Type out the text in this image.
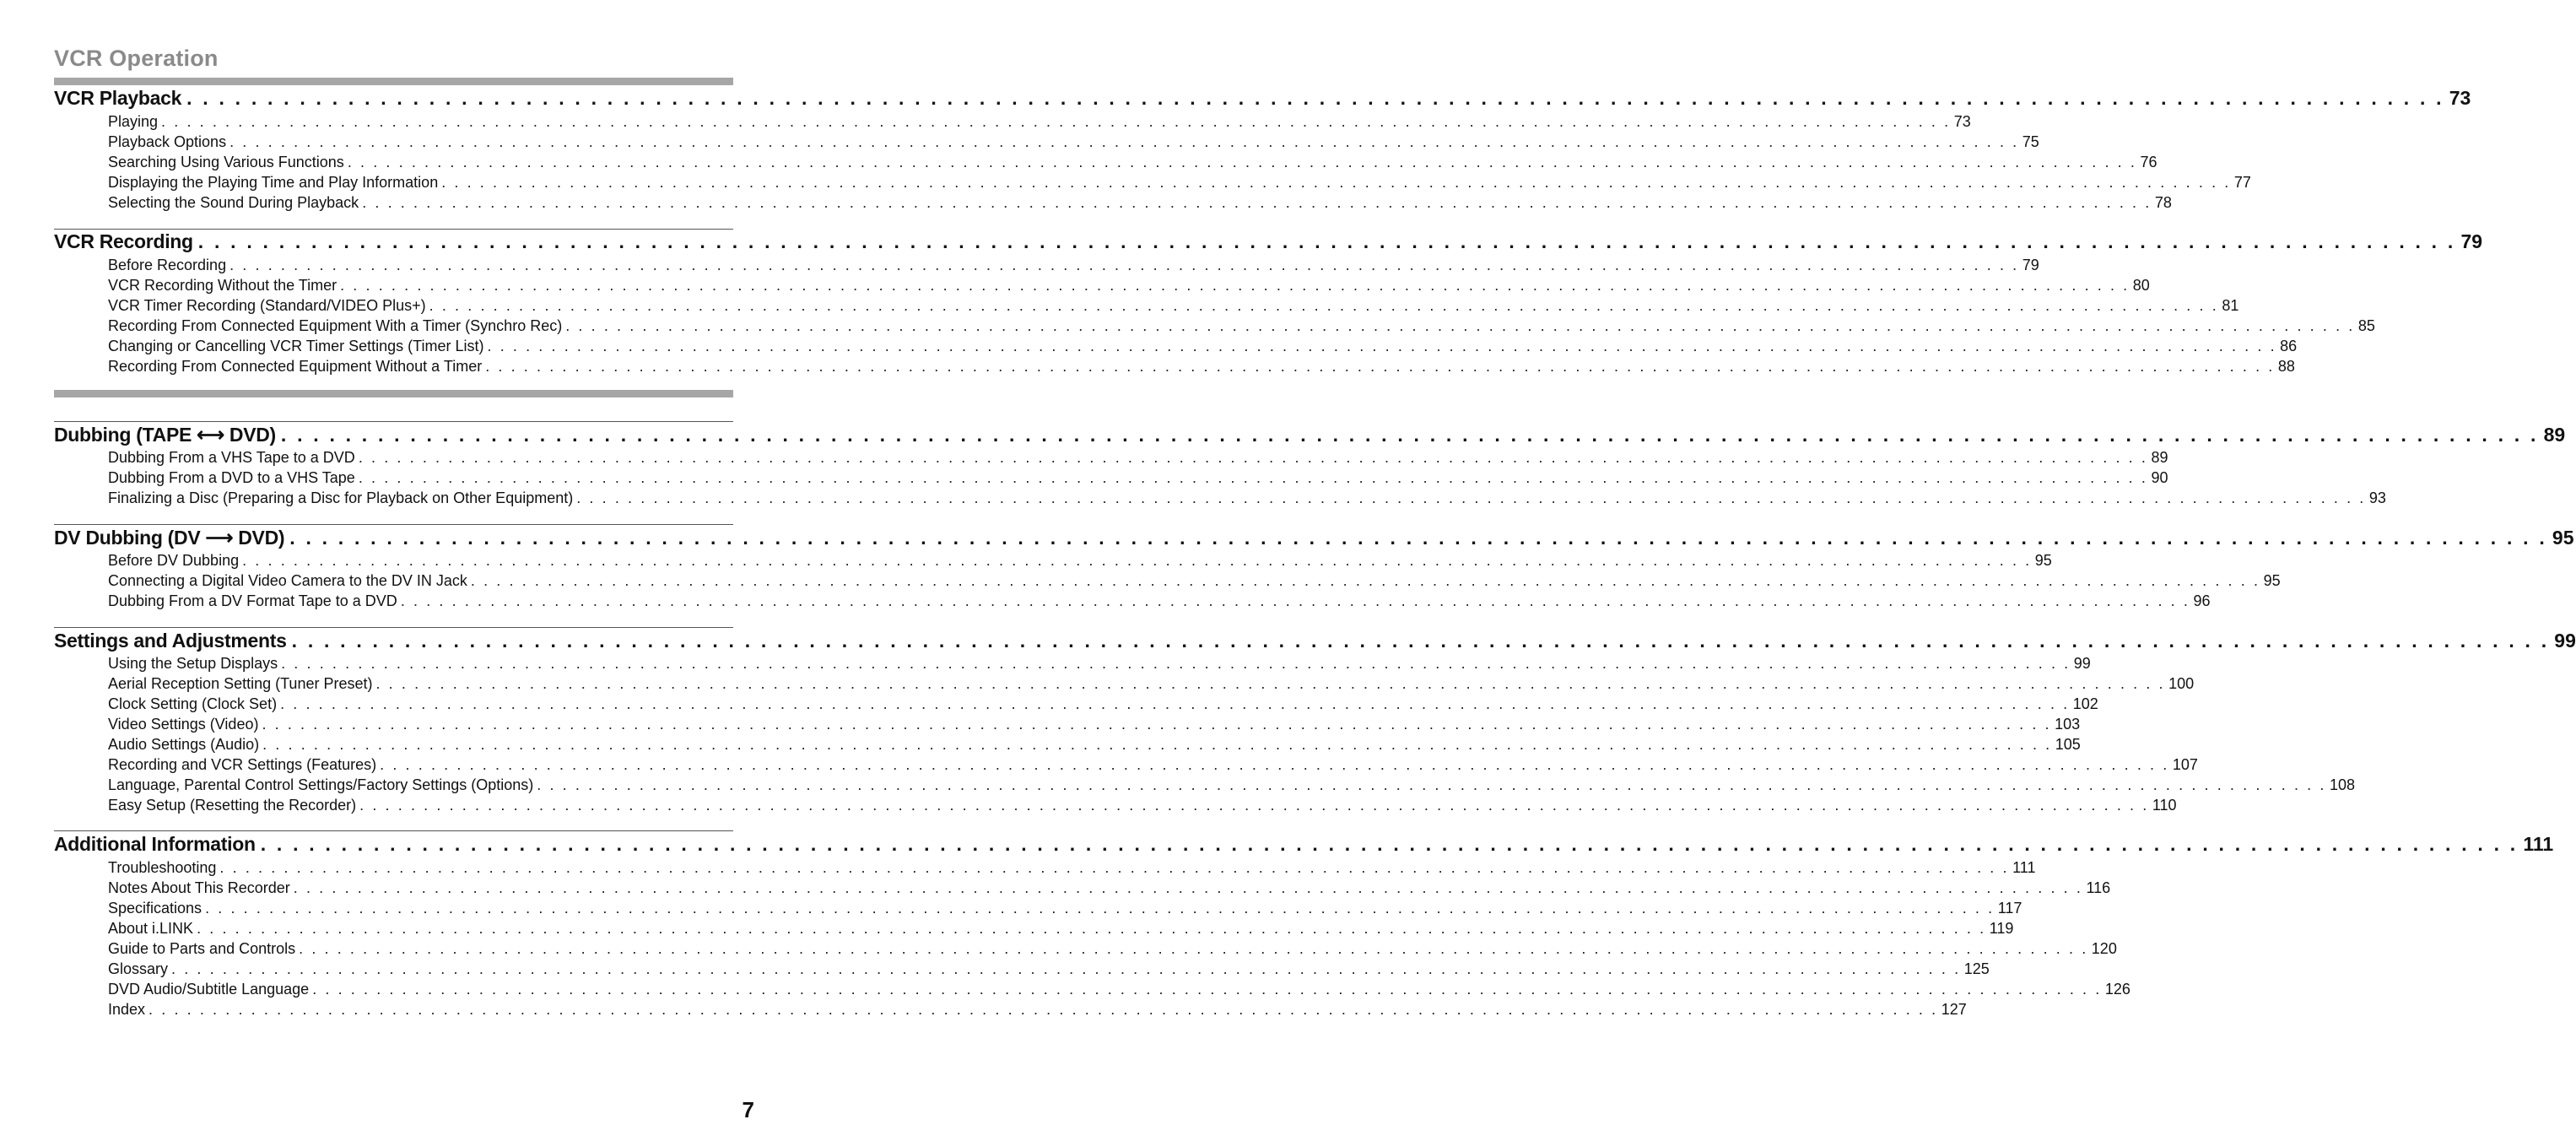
VCR Operation
7
VCR Playback . . . . . . . . . . . . . . . . . . . . . . . . . . . . . . . . . . . . . . . . . . . . . . . . . . . . . . . . . . . . . . . . . . . . . . . . . . . . . . . . . . . . . . . . . . . . . . . . . . . . . . . . . . . . . . . . . . . . . . . . . . . . . . . . . . . . . . . . . . . . 73
Playing . . . . . . . . . . . . . . . . . . . . . . . . . . . . . . . . . . . . . . . . . . . . . . . . . . . . . . . . . . . . . . . . . . . . . . . . . . . . . . . . . . . . . . . . . . . . . . . . . . . . . . . . . . . . . . . . . . . . . . . . . . . . . . . . . . . . . . . . . . . . 73
Playback Options . . . . . . . . . . . . . . . . . . . . . . . . . . . . . . . . . . . . . . . . . . . . . . . . . . . . . . . . . . . . . . . . . . . . . . . . . . . . . . . . . . . . . . . . . . . . . . . . . . . . . . . . . . . . . . . . . . . . . . . . . . . . . . . . . . . . . . . . . . . . 75
Searching Using Various Functions . . . . . . . . . . . . . . . . . . . . . . . . . . . . . . . . . . . . . . . . . . . . . . . . . . . . . . . . . . . . . . . . . . . . . . . . . . . . . . . . . . . . . . . . . . . . . . . . . . . . . . . . . . . . . . . . . . . . . . . . . . . . . . . . . . . . . . . . . . . . 76
Displaying the Playing Time and Play Information . . . . . . . . . . . . . . . . . . . . . . . . . . . . . . . . . . . . . . . . . . . . . . . . . . . . . . . . . . . . . . . . . . . . . . . . . . . . . . . . . . . . . . . . . . . . . . . . . . . . . . . . . . . . . . . . . . . . . . . . . . . . . . . . . . . . . . . . . . . . 77
Selecting the Sound During Playback . . . . . . . . . . . . . . . . . . . . . . . . . . . . . . . . . . . . . . . . . . . . . . . . . . . . . . . . . . . . . . . . . . . . . . . . . . . . . . . . . . . . . . . . . . . . . . . . . . . . . . . . . . . . . . . . . . . . . . . . . . . . . . . . . . . . . . . . . . . . 78
VCR Recording . . . . . . . . . . . . . . . . . . . . . . . . . . . . . . . . . . . . . . . . . . . . . . . . . . . . . . . . . . . . . . . . . . . . . . . . . . . . . . . . . . . . . . . . . . . . . . . . . . . . . . . . . . . . . . . . . . . . . . . . . . . . . . . . . . . . . . . . . . . . 79
Before Recording . . . . . . . . . . . . . . . . . . . . . . . . . . . . . . . . . . . . . . . . . . . . . . . . . . . . . . . . . . . . . . . . . . . . . . . . . . . . . . . . . . . . . . . . . . . . . . . . . . . . . . . . . . . . . . . . . . . . . . . . . . . . . . . . . . . . . . . . . . . . 79
VCR Recording Without the Timer . . . . . . . . . . . . . . . . . . . . . . . . . . . . . . . . . . . . . . . . . . . . . . . . . . . . . . . . . . . . . . . . . . . . . . . . . . . . . . . . . . . . . . . . . . . . . . . . . . . . . . . . . . . . . . . . . . . . . . . . . . . . . . . . . . . . . . . . . . . . 80
VCR Timer Recording (Standard/VIDEO Plus+) . . . . . . . . . . . . . . . . . . . . . . . . . . . . . . . . . . . . . . . . . . . . . . . . . . . . . . . . . . . . . . . . . . . . . . . . . . . . . . . . . . . . . . . . . . . . . . . . . . . . . . . . . . . . . . . . . . . . . . . . . . . . . . . . . . . . . . . . . . . . 81
Recording From Connected Equipment With a Timer (Synchro Rec) . . . . . . . . . . . . . . . . . . . . . . . . . . . . . . . . . . . . . . . . . . . . . . . . . . . . . . . . . . . . . . . . . . . . . . . . . . . . . . . . . . . . . . . . . . . . . . . . . . . . . . . . . . . . . . . . . . . . . . . . . . . . . . . . . . . . . . . . . . . . 85
Changing or Cancelling VCR Timer Settings (Timer List) . . . . . . . . . . . . . . . . . . . . . . . . . . . . . . . . . . . . . . . . . . . . . . . . . . . . . . . . . . . . . . . . . . . . . . . . . . . . . . . . . . . . . . . . . . . . . . . . . . . . . . . . . . . . . . . . . . . . . . . . . . . . . . . . . . . . . . . . . . . . 86
Recording From Connected Equipment Without a Timer . . . . . . . . . . . . . . . . . . . . . . . . . . . . . . . . . . . . . . . . . . . . . . . . . . . . . . . . . . . . . . . . . . . . . . . . . . . . . . . . . . . . . . . . . . . . . . . . . . . . . . . . . . . . . . . . . . . . . . . . . . . . . . . . . . . . . . . . . . . . 88
Dubbing (TAPE ⟷ DVD) . . . . . . . . . . . . . . . . . . . . . . . . . . . . . . . . . . . . . . . . . . . . . . . . . . . . . . . . . . . . . . . . . . . . . . . . . . . . . . . . . . . . . . . . . . . . . . . . . . . . . . . . . . . . . . . . . . . . . . . . . . . . . . . . . . . . . . . . . . . . 89
Dubbing From a VHS Tape to a DVD . . . . . . . . . . . . . . . . . . . . . . . . . . . . . . . . . . . . . . . . . . . . . . . . . . . . . . . . . . . . . . . . . . . . . . . . . . . . . . . . . . . . . . . . . . . . . . . . . . . . . . . . . . . . . . . . . . . . . . . . . . . . . . . . . . . . . . . . . . . . 89
Dubbing From a DVD to a VHS Tape . . . . . . . . . . . . . . . . . . . . . . . . . . . . . . . . . . . . . . . . . . . . . . . . . . . . . . . . . . . . . . . . . . . . . . . . . . . . . . . . . . . . . . . . . . . . . . . . . . . . . . . . . . . . . . . . . . . . . . . . . . . . . . . . . . . . . . . . . . . . 90
Finalizing a Disc (Preparing a Disc for Playback on Other Equipment) . . . . . . . . . . . . . . . . . . . . . . . . . . . . . . . . . . . . . . . . . . . . . . . . . . . . . . . . . . . . . . . . . . . . . . . . . . . . . . . . . . . . . . . . . . . . . . . . . . . . . . . . . . . . . . . . . . . . . . . . . . . . . . . . . . . . . . . . . . . . 93
DV Dubbing (DV ⟶ DVD) . . . . . . . . . . . . . . . . . . . . . . . . . . . . . . . . . . . . . . . . . . . . . . . . . . . . . . . . . . . . . . . . . . . . . . . . . . . . . . . . . . . . . . . . . . . . . . . . . . . . . . . . . . . . . . . . . . . . . . . . . . . . . . . . . . . . . . . . . . . . 95
Before DV Dubbing . . . . . . . . . . . . . . . . . . . . . . . . . . . . . . . . . . . . . . . . . . . . . . . . . . . . . . . . . . . . . . . . . . . . . . . . . . . . . . . . . . . . . . . . . . . . . . . . . . . . . . . . . . . . . . . . . . . . . . . . . . . . . . . . . . . . . . . . . . . . 95
Connecting a Digital Video Camera to the DV IN Jack . . . . . . . . . . . . . . . . . . . . . . . . . . . . . . . . . . . . . . . . . . . . . . . . . . . . . . . . . . . . . . . . . . . . . . . . . . . . . . . . . . . . . . . . . . . . . . . . . . . . . . . . . . . . . . . . . . . . . . . . . . . . . . . . . . . . . . . . . . . . 95
Dubbing From a DV Format Tape to a DVD . . . . . . . . . . . . . . . . . . . . . . . . . . . . . . . . . . . . . . . . . . . . . . . . . . . . . . . . . . . . . . . . . . . . . . . . . . . . . . . . . . . . . . . . . . . . . . . . . . . . . . . . . . . . . . . . . . . . . . . . . . . . . . . . . . . . . . . . . . . . 96
Settings and Adjustments . . . . . . . . . . . . . . . . . . . . . . . . . . . . . . . . . . . . . . . . . . . . . . . . . . . . . . . . . . . . . . . . . . . . . . . . . . . . . . . . . . . . . . . . . . . . . . . . . . . . . . . . . . . . . . . . . . . . . . . . . . . . . . . . . . . . . . . . . . . . 99
Using the Setup Displays . . . . . . . . . . . . . . . . . . . . . . . . . . . . . . . . . . . . . . . . . . . . . . . . . . . . . . . . . . . . . . . . . . . . . . . . . . . . . . . . . . . . . . . . . . . . . . . . . . . . . . . . . . . . . . . . . . . . . . . . . . . . . . . . . . . . . . . . . . . . 99
Aerial Reception Setting (Tuner Preset) . . . . . . . . . . . . . . . . . . . . . . . . . . . . . . . . . . . . . . . . . . . . . . . . . . . . . . . . . . . . . . . . . . . . . . . . . . . . . . . . . . . . . . . . . . . . . . . . . . . . . . . . . . . . . . . . . . . . . . . . . . . . . . . . . . . . . . . . . . . . 100
Clock Setting (Clock Set) . . . . . . . . . . . . . . . . . . . . . . . . . . . . . . . . . . . . . . . . . . . . . . . . . . . . . . . . . . . . . . . . . . . . . . . . . . . . . . . . . . . . . . . . . . . . . . . . . . . . . . . . . . . . . . . . . . . . . . . . . . . . . . . . . . . . . . . . . . . . 102
Video Settings (Video) . . . . . . . . . . . . . . . . . . . . . . . . . . . . . . . . . . . . . . . . . . . . . . . . . . . . . . . . . . . . . . . . . . . . . . . . . . . . . . . . . . . . . . . . . . . . . . . . . . . . . . . . . . . . . . . . . . . . . . . . . . . . . . . . . . . . . . . . . . . . 103
Audio Settings (Audio) . . . . . . . . . . . . . . . . . . . . . . . . . . . . . . . . . . . . . . . . . . . . . . . . . . . . . . . . . . . . . . . . . . . . . . . . . . . . . . . . . . . . . . . . . . . . . . . . . . . . . . . . . . . . . . . . . . . . . . . . . . . . . . . . . . . . . . . . . . . . 105
Recording and VCR Settings (Features) . . . . . . . . . . . . . . . . . . . . . . . . . . . . . . . . . . . . . . . . . . . . . . . . . . . . . . . . . . . . . . . . . . . . . . . . . . . . . . . . . . . . . . . . . . . . . . . . . . . . . . . . . . . . . . . . . . . . . . . . . . . . . . . . . . . . . . . . . . . . 107
Language, Parental Control Settings/Factory Settings (Options) . . . . . . . . . . . . . . . . . . . . . . . . . . . . . . . . . . . . . . . . . . . . . . . . . . . . . . . . . . . . . . . . . . . . . . . . . . . . . . . . . . . . . . . . . . . . . . . . . . . . . . . . . . . . . . . . . . . . . . . . . . . . . . . . . . . . . . . . . . . . 108
Easy Setup (Resetting the Recorder) . . . . . . . . . . . . . . . . . . . . . . . . . . . . . . . . . . . . . . . . . . . . . . . . . . . . . . . . . . . . . . . . . . . . . . . . . . . . . . . . . . . . . . . . . . . . . . . . . . . . . . . . . . . . . . . . . . . . . . . . . . . . . . . . . . . . . . . . . . . . 110
Additional Information . . . . . . . . . . . . . . . . . . . . . . . . . . . . . . . . . . . . . . . . . . . . . . . . . . . . . . . . . . . . . . . . . . . . . . . . . . . . . . . . . . . . . . . . . . . . . . . . . . . . . . . . . . . . . . . . . . . . . . . . . . . . . . . . . . . . . . . . . . . . 111
Troubleshooting . . . . . . . . . . . . . . . . . . . . . . . . . . . . . . . . . . . . . . . . . . . . . . . . . . . . . . . . . . . . . . . . . . . . . . . . . . . . . . . . . . . . . . . . . . . . . . . . . . . . . . . . . . . . . . . . . . . . . . . . . . . . . . . . . . . . . . . . . . . . 111
Notes About This Recorder . . . . . . . . . . . . . . . . . . . . . . . . . . . . . . . . . . . . . . . . . . . . . . . . . . . . . . . . . . . . . . . . . . . . . . . . . . . . . . . . . . . . . . . . . . . . . . . . . . . . . . . . . . . . . . . . . . . . . . . . . . . . . . . . . . . . . . . . . . . . 116
Specifications . . . . . . . . . . . . . . . . . . . . . . . . . . . . . . . . . . . . . . . . . . . . . . . . . . . . . . . . . . . . . . . . . . . . . . . . . . . . . . . . . . . . . . . . . . . . . . . . . . . . . . . . . . . . . . . . . . . . . . . . . . . . . . . . . . . . . . . . . . . . 117
About i.LINK . . . . . . . . . . . . . . . . . . . . . . . . . . . . . . . . . . . . . . . . . . . . . . . . . . . . . . . . . . . . . . . . . . . . . . . . . . . . . . . . . . . . . . . . . . . . . . . . . . . . . . . . . . . . . . . . . . . . . . . . . . . . . . . . . . . . . . . . . . . . 119
Guide to Parts and Controls . . . . . . . . . . . . . . . . . . . . . . . . . . . . . . . . . . . . . . . . . . . . . . . . . . . . . . . . . . . . . . . . . . . . . . . . . . . . . . . . . . . . . . . . . . . . . . . . . . . . . . . . . . . . . . . . . . . . . . . . . . . . . . . . . . . . . . . . . . . . 120
Glossary . . . . . . . . . . . . . . . . . . . . . . . . . . . . . . . . . . . . . . . . . . . . . . . . . . . . . . . . . . . . . . . . . . . . . . . . . . . . . . . . . . . . . . . . . . . . . . . . . . . . . . . . . . . . . . . . . . . . . . . . . . . . . . . . . . . . . . . . . . . . 125
DVD Audio/Subtitle Language . . . . . . . . . . . . . . . . . . . . . . . . . . . . . . . . . . . . . . . . . . . . . . . . . . . . . . . . . . . . . . . . . . . . . . . . . . . . . . . . . . . . . . . . . . . . . . . . . . . . . . . . . . . . . . . . . . . . . . . . . . . . . . . . . . . . . . . . . . . . 126
Index . . . . . . . . . . . . . . . . . . . . . . . . . . . . . . . . . . . . . . . . . . . . . . . . . . . . . . . . . . . . . . . . . . . . . . . . . . . . . . . . . . . . . . . . . . . . . . . . . . . . . . . . . . . . . . . . . . . . . . . . . . . . . . . . . . . . . . . . . . . . 127
